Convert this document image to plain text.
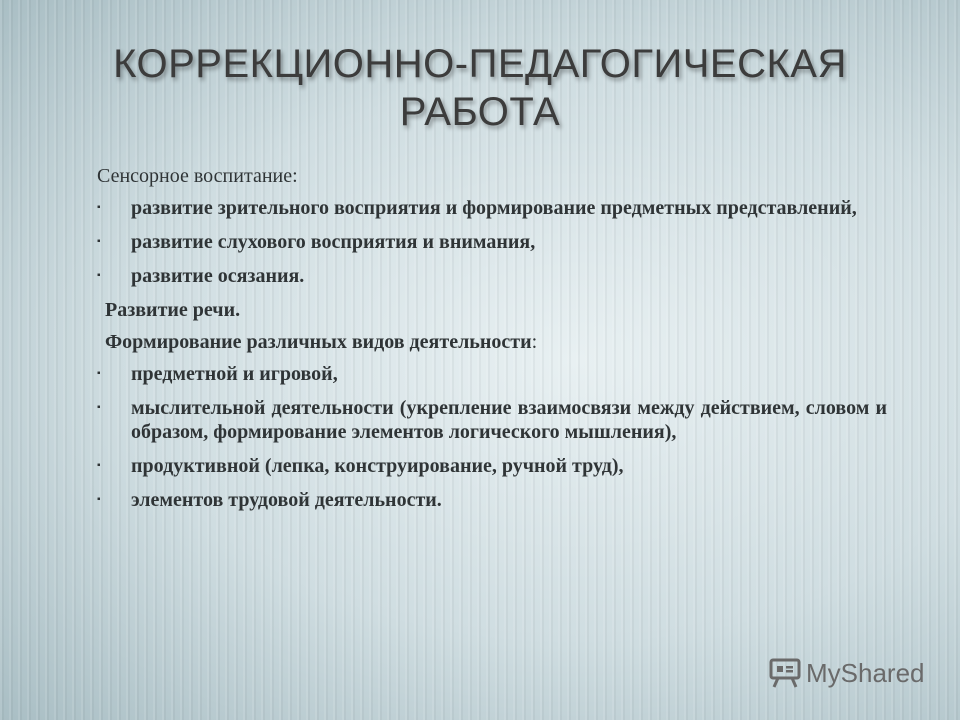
КОРРЕКЦИОННО-ПЕДАГОГИЧЕСКАЯ
РАБОТА
Сенсорное воспитание:
▪	развитие зрительного восприятия и формирование предметных представлений,
▪	развитие слухового восприятия и внимания,
▪	развитие осязания.
Развитие речи.
Формирование различных видов деятельности:
▪	предметной и игровой,
▪	мыслительной деятельности (укрепление взаимосвязи между действием, словом и образом, формирование элементов логического мышления),
▪	продуктивной (лепка, конструирование, ручной труд),
▪	элементов трудовой деятельности.
MyShared
